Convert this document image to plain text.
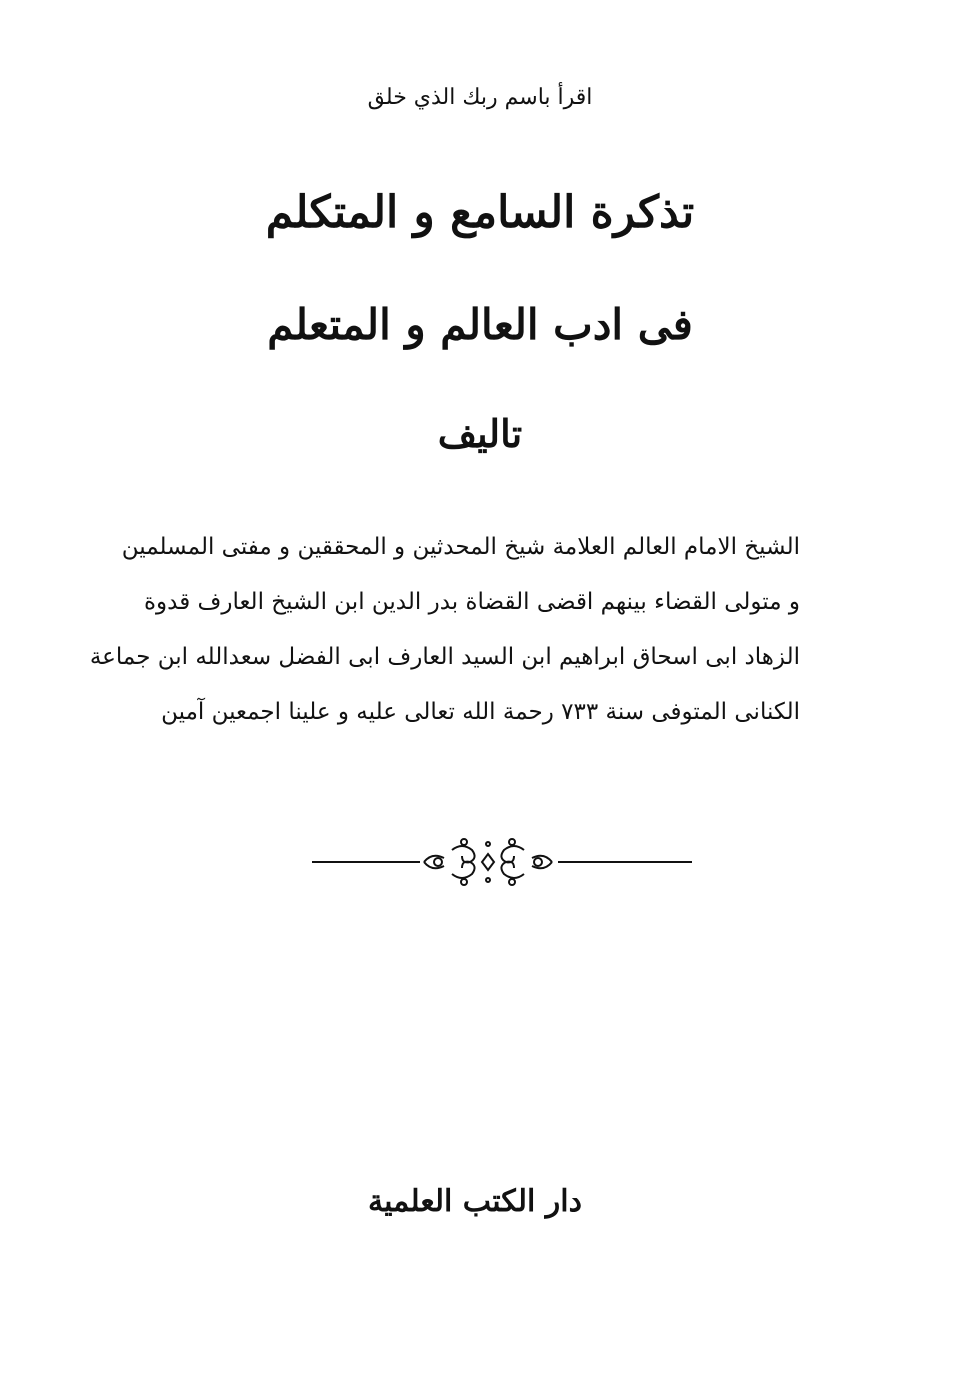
اقرأ باسم ربك الذي خلق
تذكرة السامع و المتكلم
فى ادب العالم و المتعلم
تاليف
الشيخ الامام العالم العلامة شيخ المحدثين و المحققين و مفتى المسلمين
و متولى القضاء بينهم اقضى القضاة بدر الدين ابن الشيخ العارف قدوة
الزهاد ابى اسحاق ابراهيم ابن السيد العارف ابى الفضل سعدالله ابن جماعة
الكنانى المتوفى سنة ٧٣٣ رحمة الله تعالى عليه و علينا اجمعين آمين
دار الكتب العلمية
